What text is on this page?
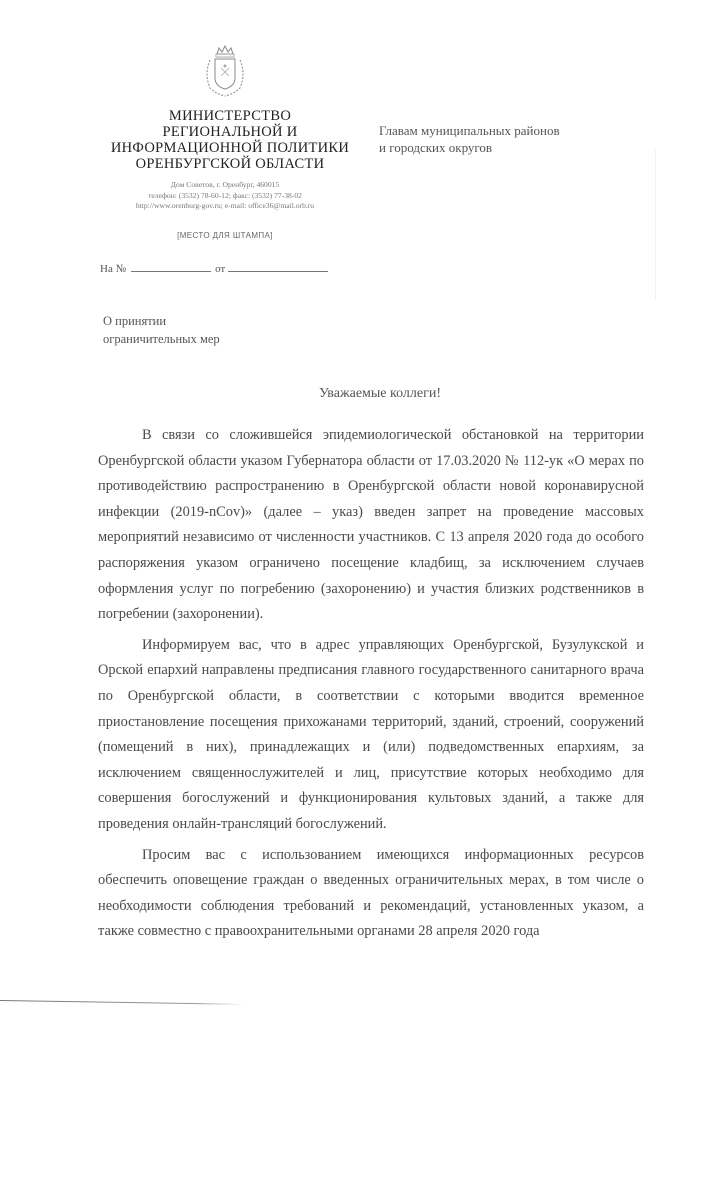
МИНИСТЕРСТВО
РЕГИОНАЛЬНОЙ И
ИНФОРМАЦИОННОЙ ПОЛИТИКИ
ОРЕНБУРГСКОЙ ОБЛАСТИ
Дом Советов, г. Оренбург, 460015
телефон: (3532) 78-60-12; факс: (3532) 77-38-02
http://www.orenburg-gov.ru; e-mail: office36@mail.orb.ru
[МЕСТО ДЛЯ ШТАМПА]
На №	от
О принятии
ограничительных мер
Главам муниципальных районов
и городских округов
Уважаемые коллеги!

В связи со сложившейся эпидемиологической обстановкой на территории Оренбургской области указом Губернатора области от 17.03.2020 № 112-ук «О мерах по противодействию распространению в Оренбургской области новой коронавирусной инфекции (2019-nCov)» (далее – указ) введен запрет на проведение массовых мероприятий независимо от численности участников. С 13 апреля 2020 года до особого распоряжения указом ограничено посещение кладбищ, за исключением случаев оформления услуг по погребению (захоронению) и участия близких родственников в погребении (захоронении).

Информируем вас, что в адрес управляющих Оренбургской, Бузулукской и Орской епархий направлены предписания главного государственного санитарного врача по Оренбургской области, в соответствии с которыми вводится временное приостановление посещения прихожанами территорий, зданий, строений, сооружений (помещений в них), принадлежащих и (или) подведомственных епархиям, за исключением священнослужителей и лиц, присутствие которых необходимо для совершения богослужений и функционирования культовых зданий, а также для проведения онлайн-трансляций богослужений.

Просим вас с использованием имеющихся информационных ресурсов обеспечить оповещение граждан о введенных ограничительных мерах, в том числе о необходимости соблюдения требований и рекомендаций, установленных указом, а также совместно с правоохранительными органами 28 апреля 2020 года
